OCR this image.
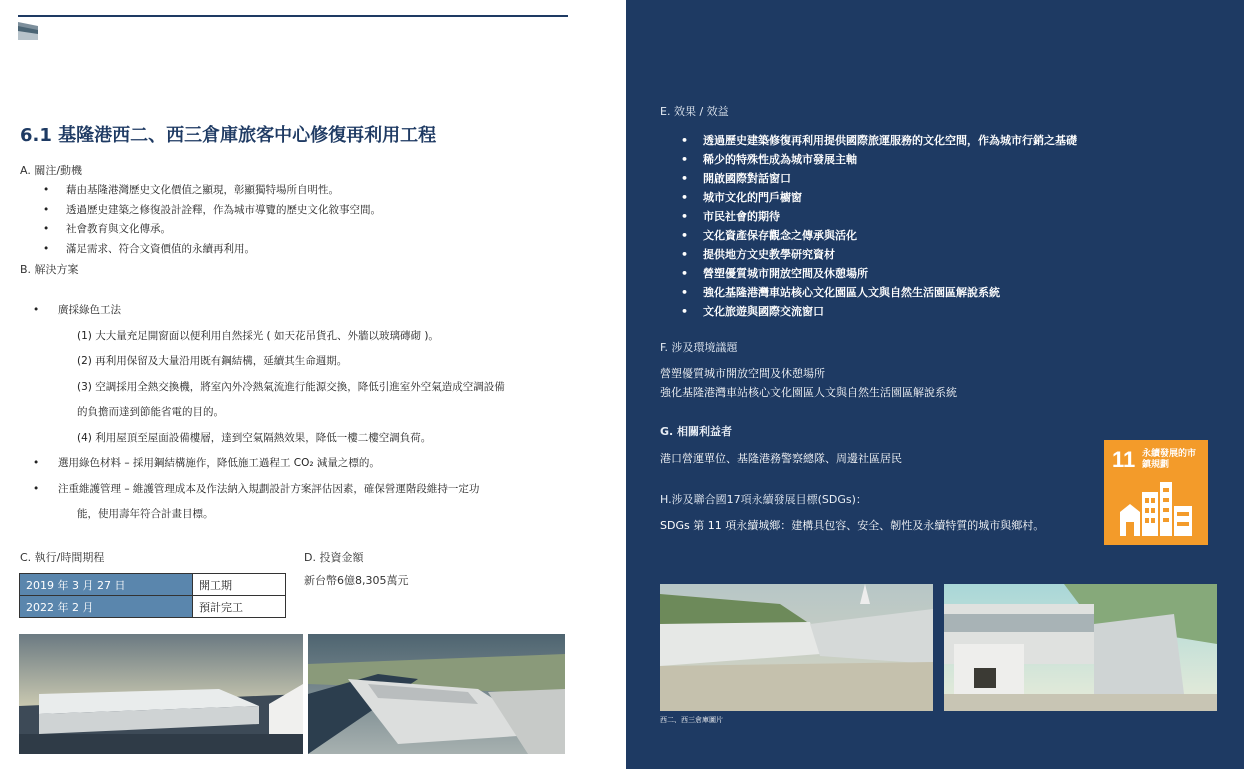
6.1 基隆港西二、西三倉庫旅客中心修復再利用工程
A. 關注/動機
• 藉由基隆港灣歷史文化價值之顯現，彰顯獨特場所自明性。
• 透過歷史建築之修復設計詮釋，作為城市導覽的歷史文化敘事空間。
• 社會教育與文化傳承。
• 滿足需求、符合文資價值的永續再利用。
B. 解決方案
• 廣採綠色工法
(1) 大大量充足開窗面以便利用自然採光 ( 如天花吊貨孔、外牆以玻璃磚砌 )。
(2) 再利用保留及大量沿用既有鋼結構，延續其生命週期。
(3) 空調採用全熱交換機，將室內外冷熱氣流進行能源交換，降低引進室外空氣造成空調設備
的負擔而達到節能省電的目的。
(4) 利用屋頂至屋面設備樓層，達到空氣隔熱效果，降低一樓二樓空調負荷。
• 選用綠色材料 – 採用鋼結構施作，降低施工過程工 CO₂ 減量之標的。
• 注重維護管理 – 維護管理成本及作法納入規劃設計方案評估因素，確保營運階段維持一定功
能，使用壽年符合計畫目標。
C. 執行/時間期程
2019 年 3 月 27 日	開工期
2022 年 2 月	預計完工
D. 投資金額
新台幣6億8,305萬元
E. 效果 / 效益
• 透過歷史建築修復再利用提供國際旅運服務的文化空間，作為城市行銷之基礎
• 稀少的特殊性成為城市發展主軸
• 開啟國際對話窗口
• 城市文化的門戶櫥窗
• 市民社會的期待
• 文化資產保存觀念之傳承與活化
• 提供地方文史教學研究資材
• 營塑優質城市開放空間及休憩場所
• 強化基隆港灣車站核心文化園區人文與自然生活園區解說系統
• 文化旅遊與國際交流窗口
F. 涉及環境議題
營塑優質城市開放空間及休憩場所
強化基隆港灣車站核心文化園區人文與自然生活園區解說系統
G. 相關利益者
港口營運單位、基隆港務警察總隊、周邊社區居民
H.涉及聯合國17項永續發展目標(SDGs)：
SDGs 第 11 項永續城鄉：建構具包容、安全、韌性及永續特質的城市與鄉村。
11 永續發展的市鎮規劃
西二、西三倉庫圖片
